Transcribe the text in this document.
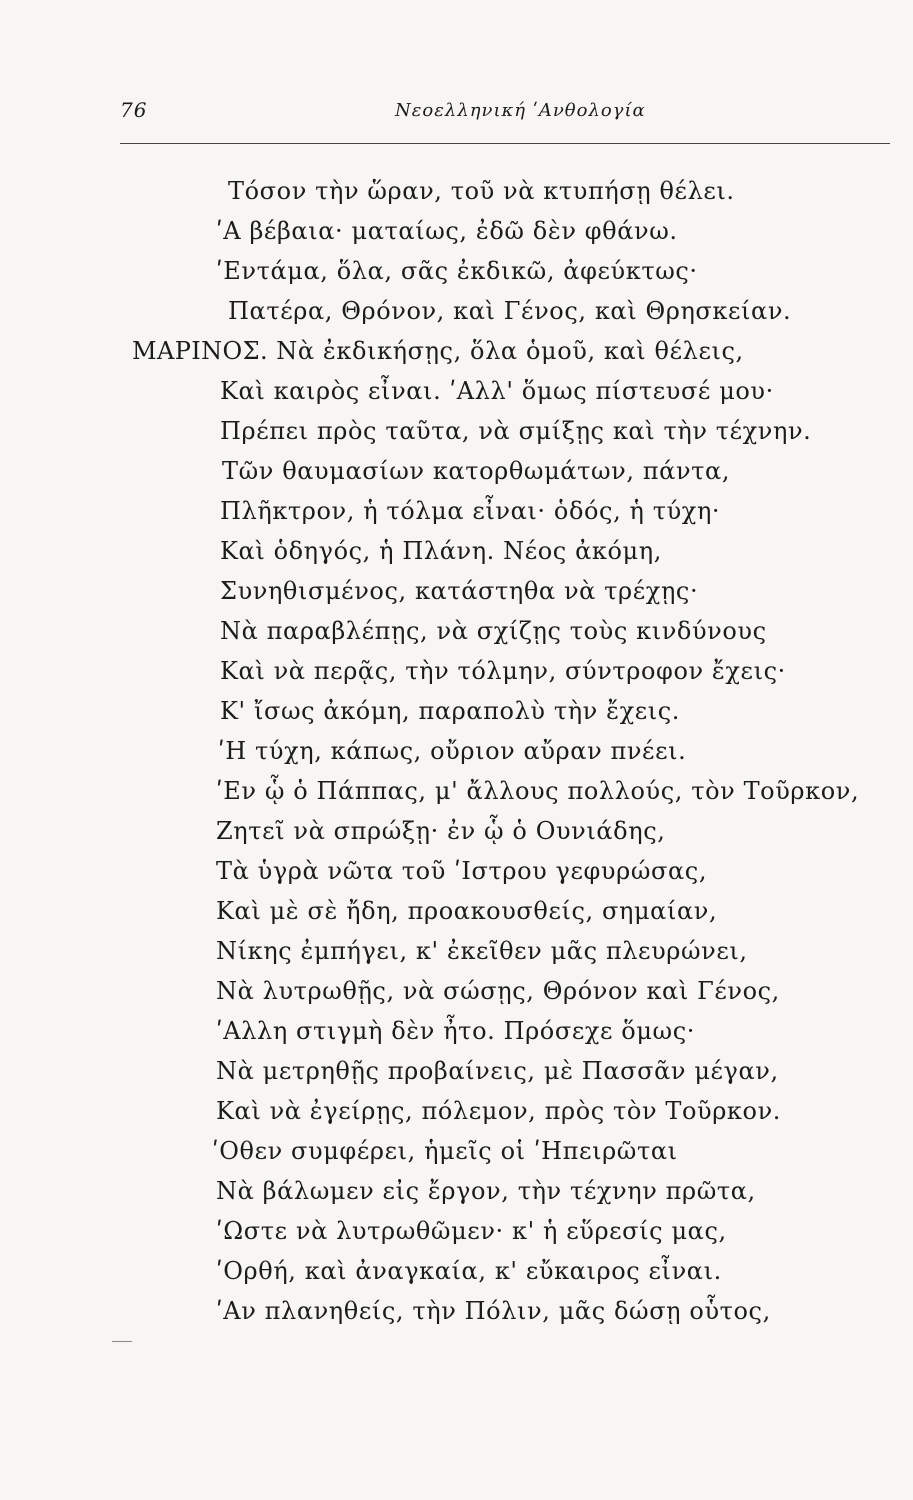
76	Νεοελληνική ʹΑνθολογία
Τόσον τὴν ὥραν, τοῦ νὰ κτυπήσῃ θέλει.
ʹΑ βέβαια· ματαίως, ἐδῶ δὲν φθάνω.
ʹΕντάμα, ὅλα, σᾶς ἐκδικῶ, ἀφεύκτως·
Πατέρα, Θρόνον, καὶ Γένος, καὶ Θρησκείαν.
ΜΑΡΙΝΟΣ. Νὰ ἐκδικήσῃς, ὅλα ὁμοῦ, καὶ θέλεις,
Καὶ καιρὸς εἶναι. ʹΑλλ' ὅμως πίστευσέ μου·
Πρέπει πρὸς ταῦτα, νὰ σμίξῃς καὶ τὴν τέχνην.
Τῶν θαυμασίων κατορθωμάτων, πάντα,
Πλῆκτρον, ἡ τόλμα εἶναι· ὁδός, ἡ τύχη·
Καὶ ὁδηγός, ἡ Πλάνη. Νέος ἀκόμη,
Συνηθισμένος, κατάστηθα νὰ τρέχῃς·
Νὰ παραβλέπῃς, νὰ σχίζῃς τοὺς κινδύνους
Καὶ νὰ περᾷς, τὴν τόλμην, σύντροφον ἔχεις·
Κ' ἴσως ἀκόμη, παραπολὺ τὴν ἔχεις.
ʹΗ τύχη, κάπως, οὔριον αὔραν πνέει.
ʹΕν ᾧ ὁ Πάππας, μ' ἄλλους πολλούς, τὸν Τοῦρκον,
Ζητεῖ νὰ σπρώξῃ· ἐν ᾧ ὁ Ουνιάδης,
Τὰ ὑγρὰ νῶτα τοῦ ʹΙστρου γεφυρώσας,
Καὶ μὲ σὲ ἤδη, προακουσθείς, σημαίαν,
Νίκης ἐμπήγει, κ' ἐκεῖθεν μᾶς πλευρώνει,
Νὰ λυτρωθῇς, νὰ σώσῃς, Θρόνον καὶ Γένος,
ʹΑλλη στιγμὴ δὲν ἦτο. Πρόσεχε ὅμως·
Νὰ μετρηθῇς προβαίνεις, μὲ Πασσᾶν μέγαν,
Καὶ νὰ ἐγείρῃς, πόλεμον, πρὸς τὸν Τοῦρκον.
ʹΟθεν συμφέρει, ἡμεῖς οἱ ʹΗπειρῶται
Νὰ βάλωμεν εἰς ἔργον, τὴν τέχνην πρῶτα,
ʹΩστε νὰ λυτρωθῶμεν· κ' ἡ εὕρεσίς μας,
ʹΟρθή, καὶ ἀναγκαία, κ' εὔκαιρος εἶναι.
ʹΑν πλανηθείς, τὴν Πόλιν, μᾶς δώσῃ οὗτος,
